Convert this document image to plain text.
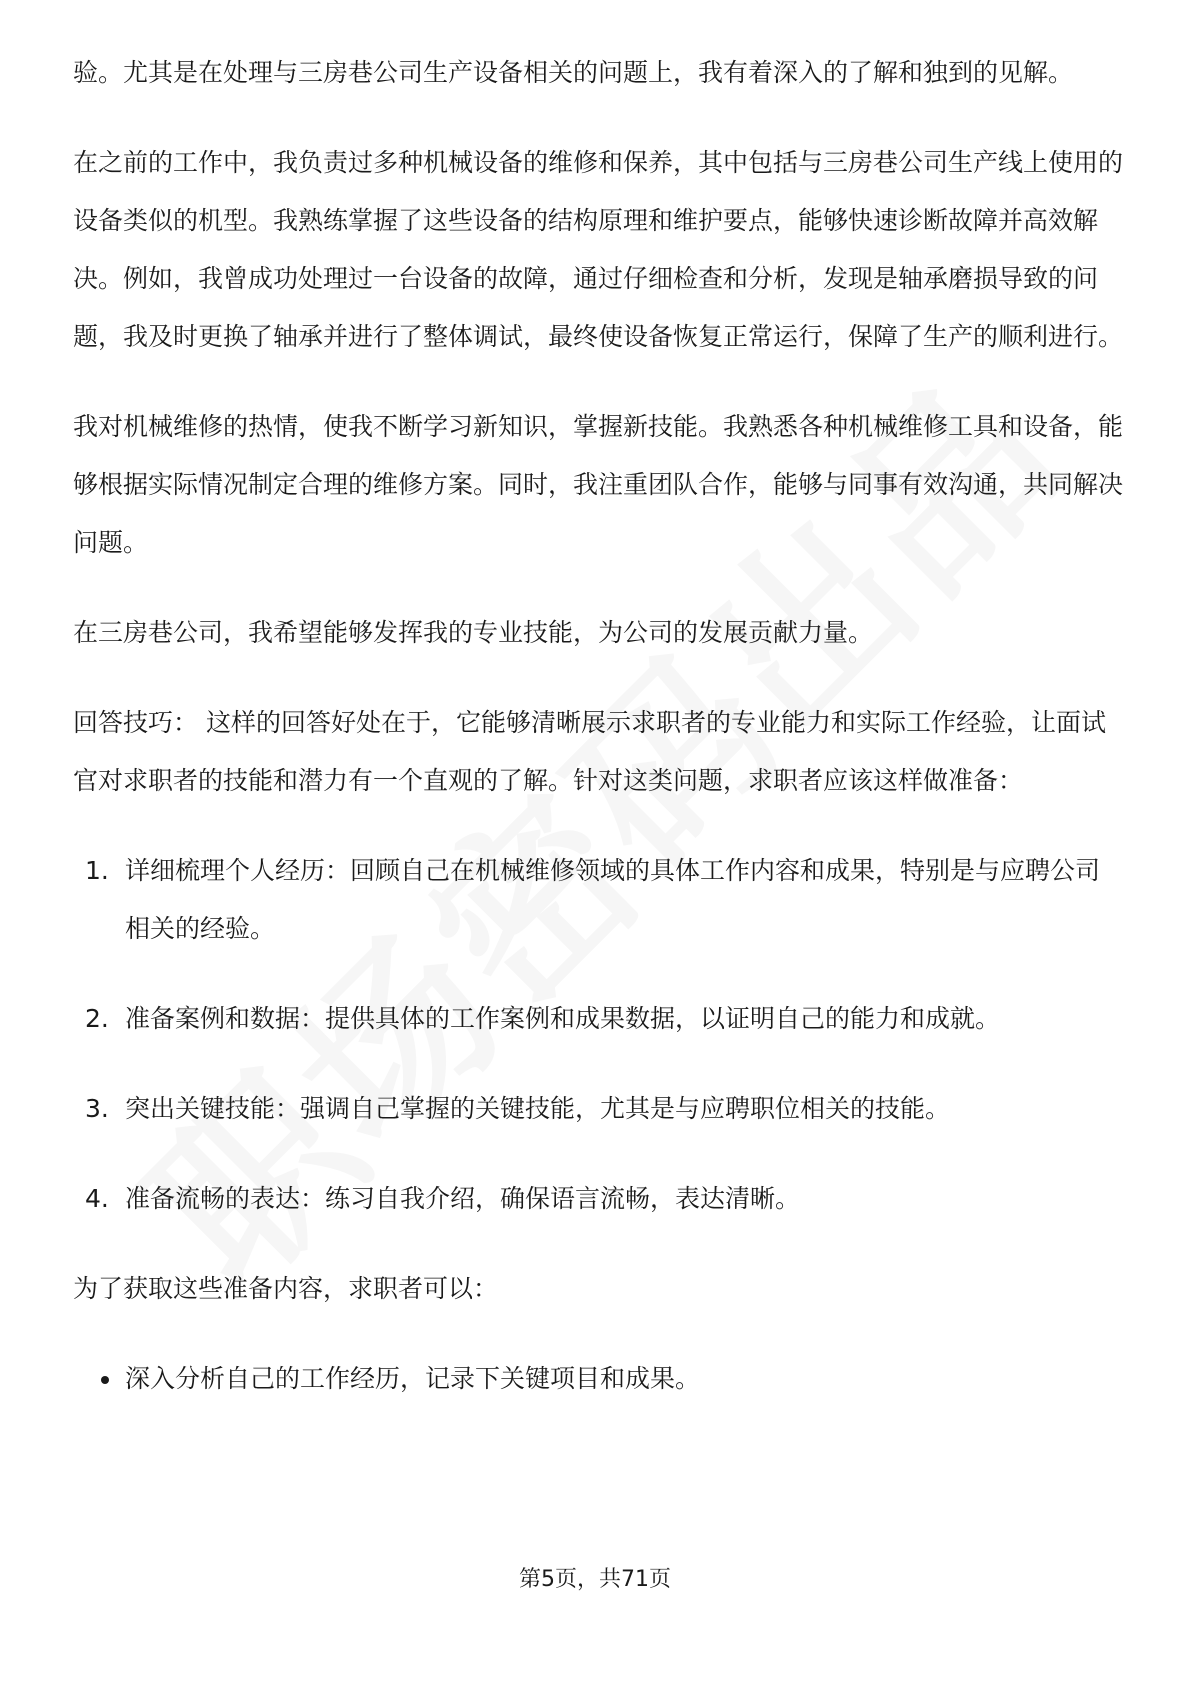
验。尤其是在处理与三房巷公司生产设备相关的问题上，我有着深入的了解和独到的见解。

在之前的工作中，我负责过多种机械设备的维修和保养，其中包括与三房巷公司生产线上使用的设备类似的机型。我熟练掌握了这些设备的结构原理和维护要点，能够快速诊断故障并高效解决。例如，我曾成功处理过一台设备的故障，通过仔细检查和分析，发现是轴承磨损导致的问题，我及时更换了轴承并进行了整体调试，最终使设备恢复正常运行，保障了生产的顺利进行。

我对机械维修的热情，使我不断学习新知识，掌握新技能。我熟悉各种机械维修工具和设备，能够根据实际情况制定合理的维修方案。同时，我注重团队合作，能够与同事有效沟通，共同解决问题。

在三房巷公司，我希望能够发挥我的专业技能，为公司的发展贡献力量。

回答技巧： 这样的回答好处在于，它能够清晰展示求职者的专业能力和实际工作经验，让面试官对求职者的技能和潜力有一个直观的了解。针对这类问题，求职者应该这样做准备：

1. 详细梳理个人经历：回顾自己在机械维修领域的具体工作内容和成果，特别是与应聘公司相关的经验。
2. 准备案例和数据：提供具体的工作案例和成果数据，以证明自己的能力和成就。
3. 突出关键技能：强调自己掌握的关键技能，尤其是与应聘职位相关的技能。
4. 准备流畅的表达：练习自我介绍，确保语言流畅，表达清晰。

为了获取这些准备内容，求职者可以：

深入分析自己的工作经历，记录下关键项目和成果。
第5页，共71页
